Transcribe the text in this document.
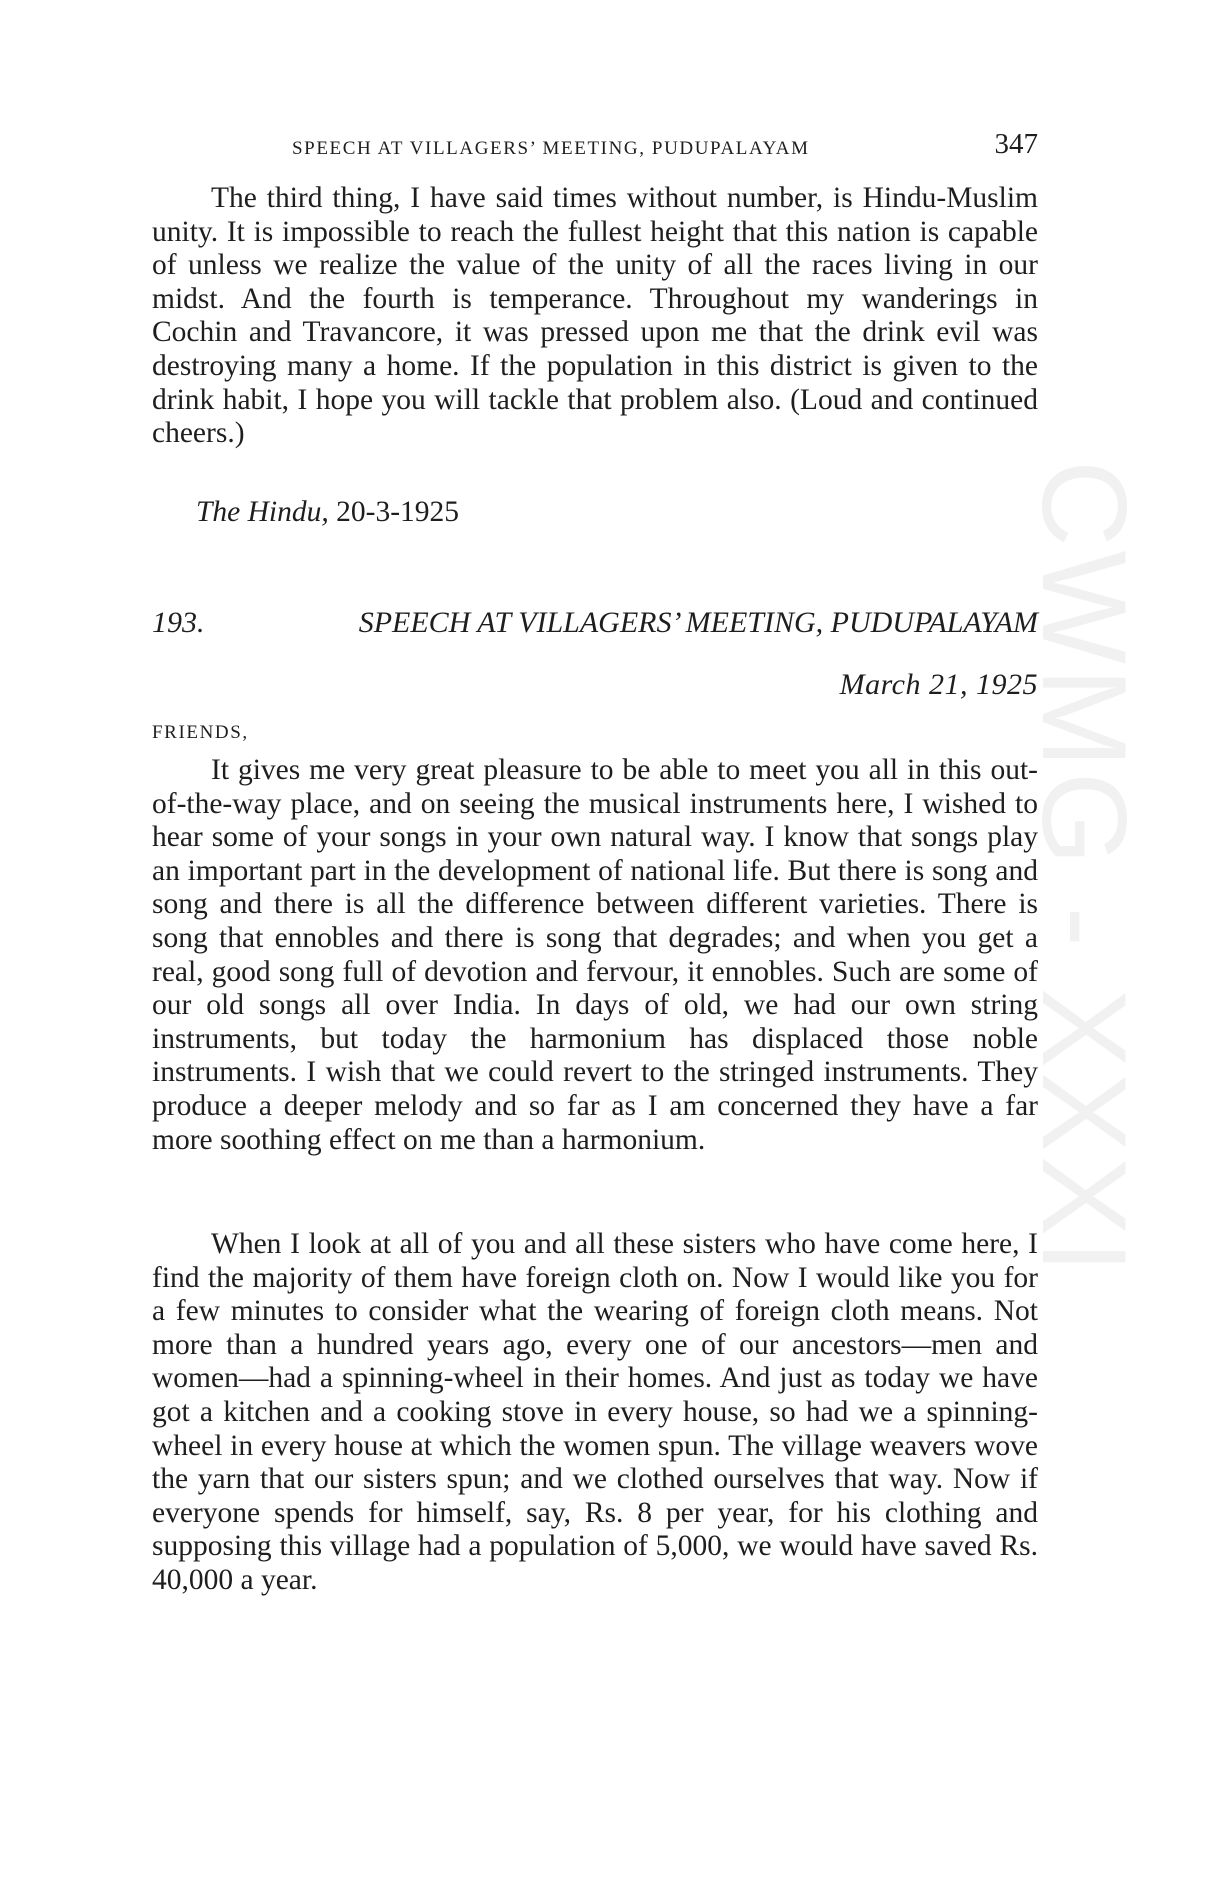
CWMG - XXXI
SPEECH AT VILLAGERS’ MEETING, PUDUPALAYAM	347

The third thing, I have said times without number, is Hindu-Muslim unity. It is impossible to reach the fullest height that this nation is capable of unless we realize the value of the unity of all the races living in our midst. And the fourth is temperance. Throughout my wanderings in Cochin and Travancore, it was pressed upon me that the drink evil was destroying many a home. If the population in this district is given to the drink habit, I hope you will tackle that problem also. (Loud and continued cheers.)

The Hindu, 20-3-1925
193.	SPEECH AT VILLAGERS’ MEETING, PUDUPALAYAM
March 21, 1925
FRIENDS,

It gives me very great pleasure to be able to meet you all in this out-of-the-way place, and on seeing the musical instruments here, I wished to hear some of your songs in your own natural way. I know that songs play an important part in the development of national life. But there is song and song and there is all the difference between different varieties. There is song that ennobles and there is song that degrades; and when you get a real, good song full of devotion and fervour, it ennobles. Such are some of our old songs all over India. In days of old, we had our own string instruments, but today the harmonium has displaced those noble instruments. I wish that we could revert to the stringed instruments. They produce a deeper melody and so far as I am concerned they have a far more soothing effect on me than a harmonium.

When I look at all of you and all these sisters who have come here, I find the majority of them have foreign cloth on. Now I would like you for a few minutes to consider what the wearing of foreign cloth means. Not more than a hundred years ago, every one of our ancestors—men and women—had a spinning-wheel in their homes. And just as today we have got a kitchen and a cooking stove in every house, so had we a spinning-wheel in every house at which the women spun. The village weavers wove the yarn that our sisters spun; and we clothed ourselves that way. Now if everyone spends for himself, say, Rs. 8 per year, for his clothing and supposing this village had a population of 5,000, we would have saved Rs. 40,000 a year.
